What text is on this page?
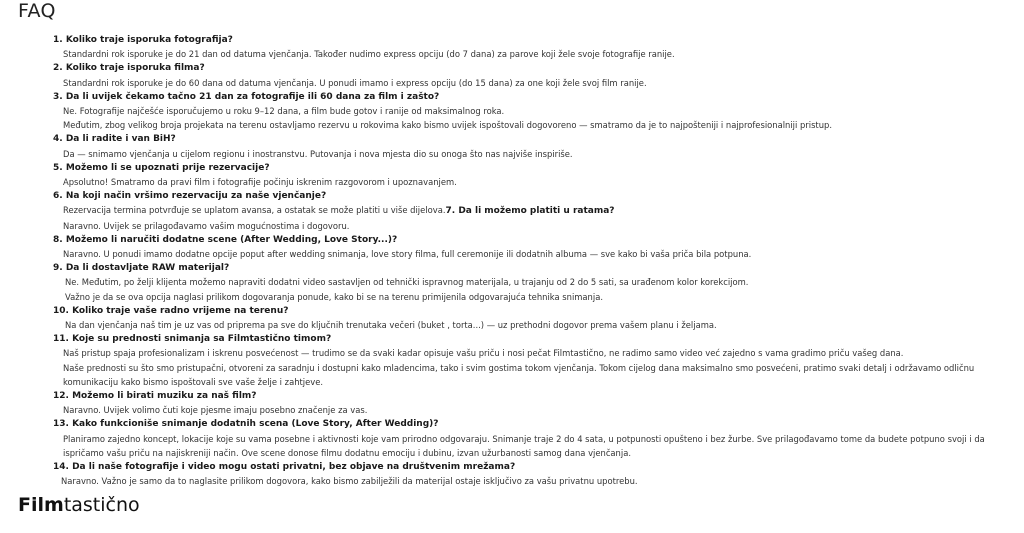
FAQ
1. Koliko traje isporuka fotografija?
Standardni rok isporuke je do 21 dan od datuma vjenčanja. Također nudimo express opciju (do 7 dana) za parove koji žele svoje fotografije ranije.
2. Koliko traje isporuka filma?
Standardni rok isporuke je do 60 dana od datuma vjenčanja. U ponudi imamo i express opciju (do 15 dana) za one koji žele svoj film ranije.
3. Da li uvijek čekamo tačno 21 dan za fotografije ili 60 dana za film i zašto?
Ne. Fotografije najčešće isporučujemo u roku 9–12 dana, a film bude gotov i ranije od maksimalnog roka.
Međutim, zbog velikog broja projekata na terenu ostavljamo rezervu u rokovima kako bismo uvijek ispoštovali dogovoreno — smatramo da je to najpošteniji i najprofesionalniji pristup.
4. Da li radite i van BiH?
Da — snimamo vjenčanja u cijelom regionu i inostranstvu. Putovanja i nova mjesta dio su onoga što nas najviše inspiriše.
5. Možemo li se upoznati prije rezervacije?
Apsolutno! Smatramo da pravi film i fotografije počinju iskrenim razgovorom i upoznavanjem.
6. Na koji način vršimo rezervaciju za naše vjenčanje?
Rezervacija termina potvrđuje se uplatom avansa, a ostatak se može platiti u više dijelova.7. Da li možemo platiti u ratama?
Naravno. Uvijek se prilagođavamo vašim mogućnostima i dogovoru.
8. Možemo li naručiti dodatne scene (After Wedding, Love Story...)?
Naravno. U ponudi imamo dodatne opcije poput after wedding snimanja, love story filma, full ceremonije ili dodatnih albuma — sve kako bi vaša priča bila potpuna.
9. Da li dostavljate RAW materijal?
Ne. Međutim, po želji klijenta možemo napraviti dodatni video sastavljen od tehnički ispravnog materijala, u trajanju od 2 do 5 sati, sa urađenom kolor korekcijom.
Važno je da se ova opcija naglasi prilikom dogovaranja ponude, kako bi se na terenu primijenila odgovarajuća tehnika snimanja.
10. Koliko traje vaše radno vrijeme na terenu?
Na dan vjenčanja naš tim je uz vas od priprema pa sve do ključnih trenutaka večeri (buket , torta...) — uz prethodni dogovor prema vašem planu i željama.
11. Koje su prednosti snimanja sa Filmtastično timom?
Naš pristup spaja profesionalizam i iskrenu posvećenost — trudimo se da svaki kadar opisuje vašu priču i nosi pečat Filmtastično, ne radimo samo video već zajedno s vama gradimo priču vašeg dana.
Naše prednosti su što smo pristupačni, otvoreni za saradnju i dostupni kako mladencima, tako i svim gostima tokom vjenčanja. Tokom cijelog dana maksimalno smo posvećeni, pratimo svaki detalj i održavamo odličnu komunikaciju kako bismo ispoštovali sve vaše želje i zahtjeve.
12. Možemo li birati muziku za naš film?
Naravno. Uvijek volimo čuti koje pjesme imaju posebno značenje za vas.
13. Kako funkcioniše snimanje dodatnih scena (Love Story, After Wedding)?
Planiramo zajedno koncept, lokacije koje su vama posebne i aktivnosti koje vam prirodno odgovaraju. Snimanje traje 2 do 4 sata, u potpunosti opušteno i bez žurbe. Sve prilagođavamo tome da budete potpuno svoji i da ispričamo vašu priču na najiskreniji način. Ove scene donose filmu dodatnu emociju i dubinu, izvan užurbanosti samog dana vjenčanja.
14. Da li naše fotografije i video mogu ostati privatni, bez objave na društvenim mrežama?
Naravno. Važno je samo da to naglasite prilikom dogovora, kako bismo zabilježili da materijal ostaje isključivo za vašu privatnu upotrebu.
Filmtastično
